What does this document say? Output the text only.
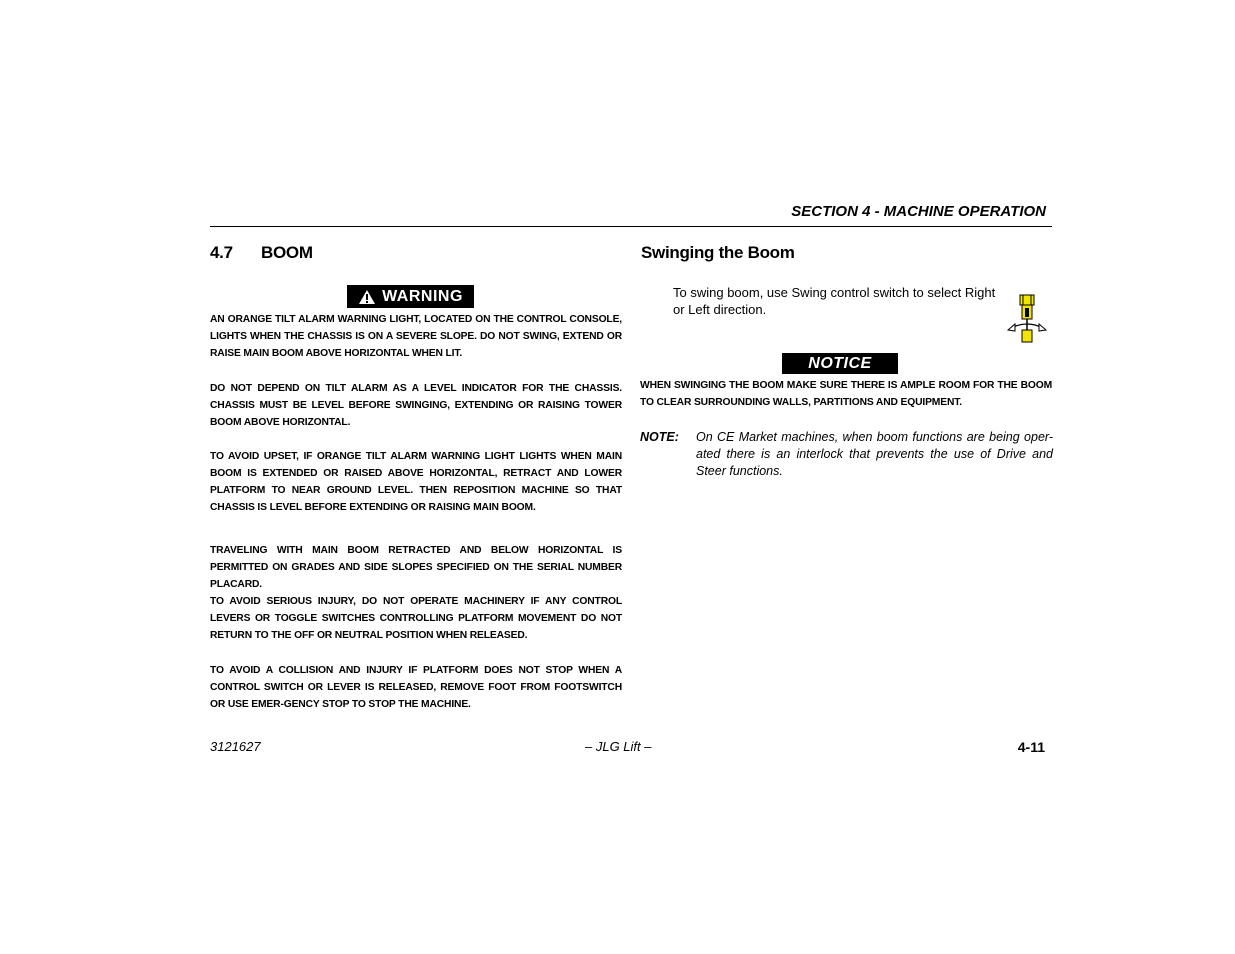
SECTION 4 - MACHINE OPERATION
4.7 BOOM
WARNING

AN ORANGE TILT ALARM WARNING LIGHT, LOCATED ON THE CONTROL CONSOLE, LIGHTS WHEN THE CHASSIS IS ON A SEVERE SLOPE. DO NOT SWING, EXTEND OR RAISE MAIN BOOM ABOVE HORIZONTAL WHEN LIT.

DO NOT DEPEND ON TILT ALARM AS A LEVEL INDICATOR FOR THE CHASSIS. CHASSIS MUST BE LEVEL BEFORE SWINGING, EXTENDING OR RAISING TOWER BOOM ABOVE HORIZONTAL.

TO AVOID UPSET, IF ORANGE TILT ALARM WARNING LIGHT LIGHTS WHEN MAIN BOOM IS EXTENDED OR RAISED ABOVE HORIZONTAL, RETRACT AND LOWER PLATFORM TO NEAR GROUND LEVEL. THEN REPOSITION MACHINE SO THAT CHASSIS IS LEVEL BEFORE EXTENDING OR RAISING MAIN BOOM.

TRAVELING WITH MAIN BOOM RETRACTED AND BELOW HORIZONTAL IS PERMITTED ON GRADES AND SIDE SLOPES SPECIFIED ON THE SERIAL NUMBER PLACARD.

TO AVOID SERIOUS INJURY, DO NOT OPERATE MACHINERY IF ANY CONTROL LEVERS OR TOGGLE SWITCHES CONTROLLING PLATFORM MOVEMENT DO NOT RETURN TO THE OFF OR NEUTRAL POSITION WHEN RELEASED.

TO AVOID A COLLISION AND INJURY IF PLATFORM DOES NOT STOP WHEN A CONTROL SWITCH OR LEVER IS RELEASED, REMOVE FOOT FROM FOOTSWITCH OR USE EMER-GENCY STOP TO STOP THE MACHINE.

Swinging the Boom

To swing boom, use Swing control switch to select Right or Left direction.

NOTICE

WHEN SWINGING THE BOOM MAKE SURE THERE IS AMPLE ROOM FOR THE BOOM TO CLEAR SURROUNDING WALLS, PARTITIONS AND EQUIPMENT.

NOTE: On CE Market machines, when boom functions are being oper-ated there is an interlock that prevents the use of Drive and Steer functions.

3121627	– JLG Lift –	4-11
